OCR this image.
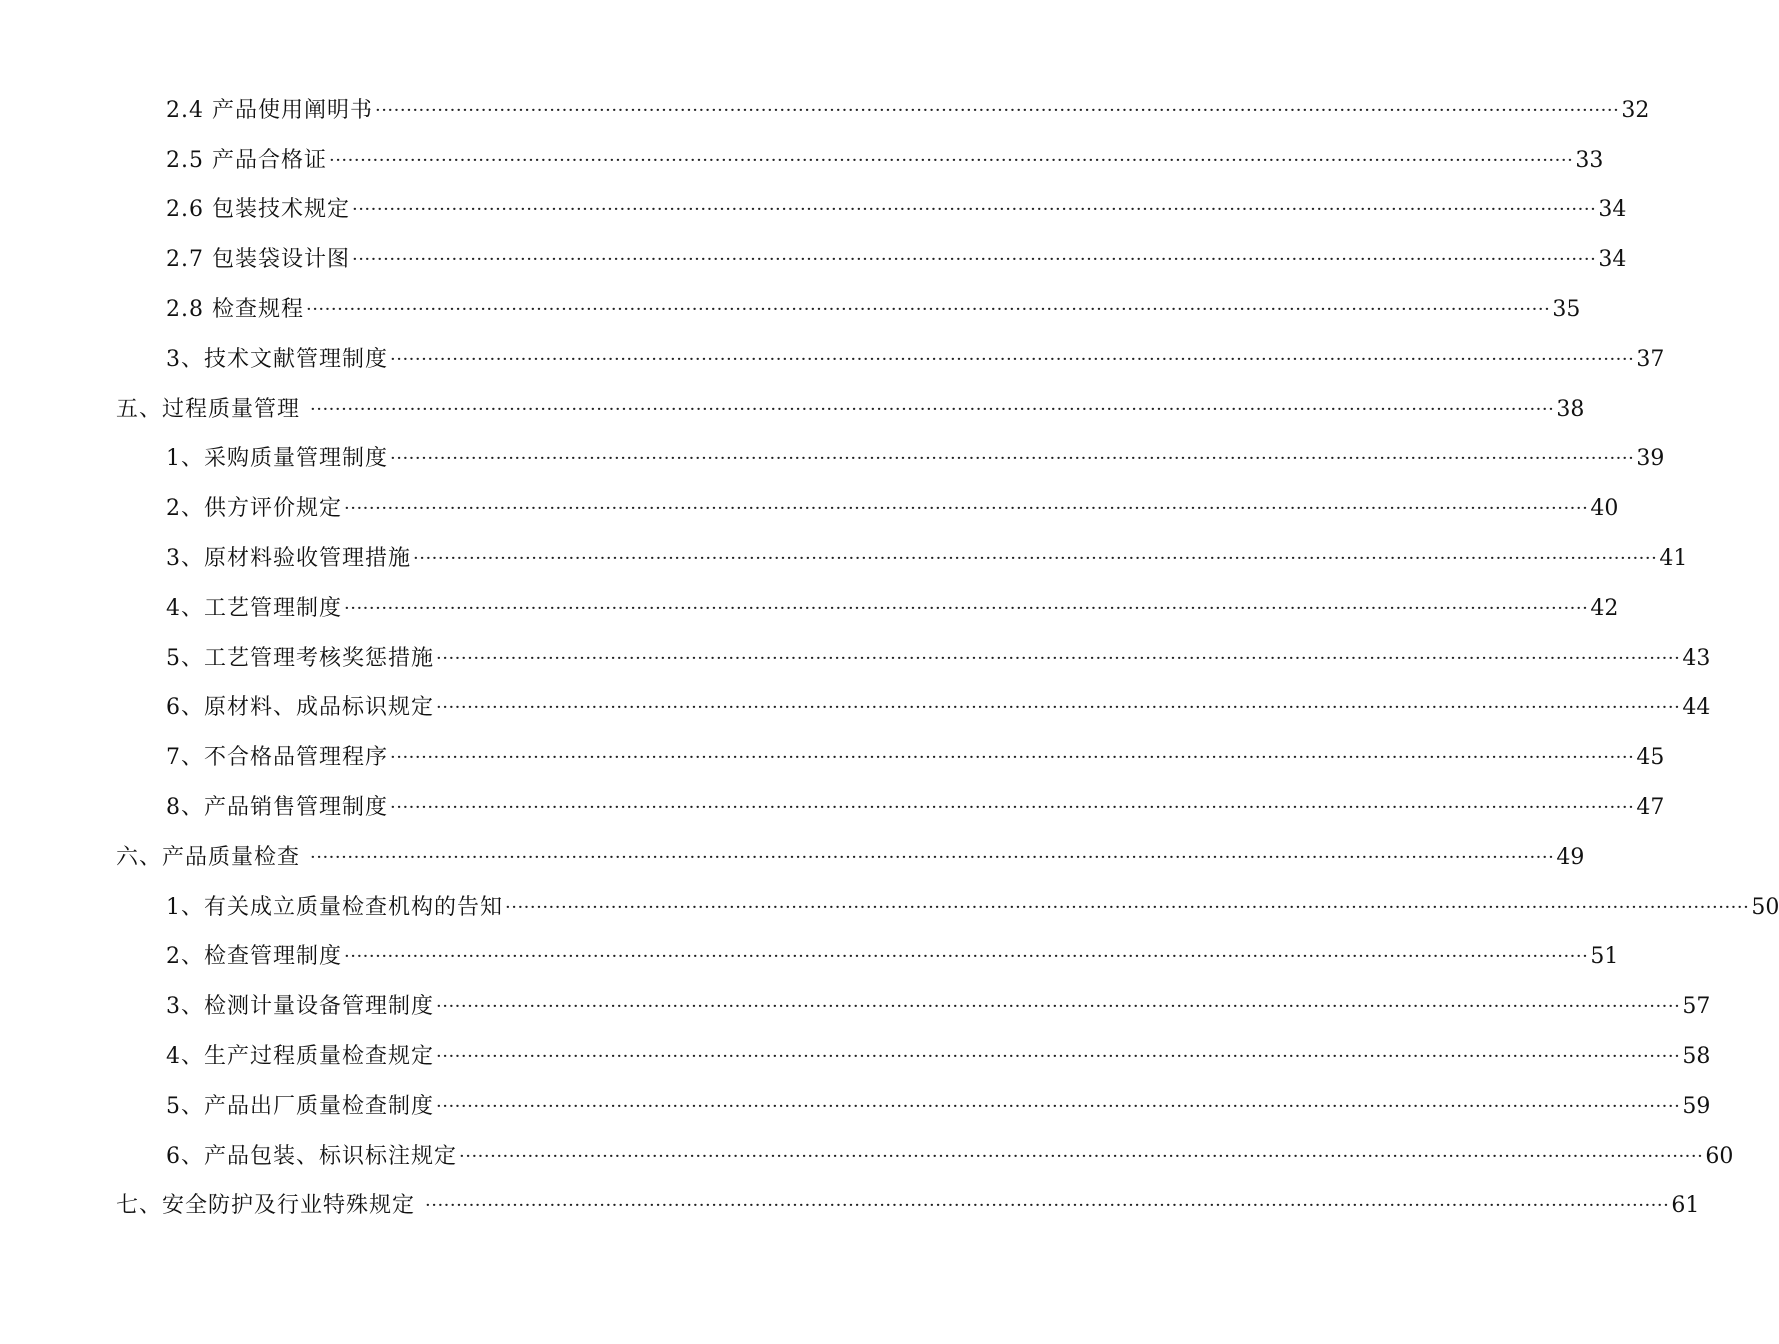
2.4 产品使用阐明书 ········································································································································································································ 32
2.5 产品合格证 ········································································································································································································ 33
2.6 包装技术规定 ········································································································································································································ 34
2.7 包装袋设计图 ········································································································································································································ 34
2.8 检查规程 ········································································································································································································ 35
3、技术文献管理制度 ········································································································································································································ 37
五、过程质量管理 ········································································································································································································ 38
1、采购质量管理制度 ········································································································································································································ 39
2、供方评价规定 ········································································································································································································ 40
3、原材料验收管理措施 ········································································································································································································ 41
4、工艺管理制度 ········································································································································································································ 42
5、工艺管理考核奖惩措施 ········································································································································································································ 43
6、原材料、成品标识规定 ········································································································································································································ 44
7、不合格品管理程序 ········································································································································································································ 45
8、产品销售管理制度 ········································································································································································································ 47
六、产品质量检查 ········································································································································································································ 49
1、有关成立质量检查机构的告知 ········································································································································································································ 50
2、检查管理制度 ········································································································································································································ 51
3、检测计量设备管理制度 ········································································································································································································ 57
4、生产过程质量检查规定 ········································································································································································································ 58
5、产品出厂质量检查制度 ········································································································································································································ 59
6、产品包装、标识标注规定 ········································································································································································································ 60
七、安全防护及行业特殊规定 ········································································································································································································ 61
